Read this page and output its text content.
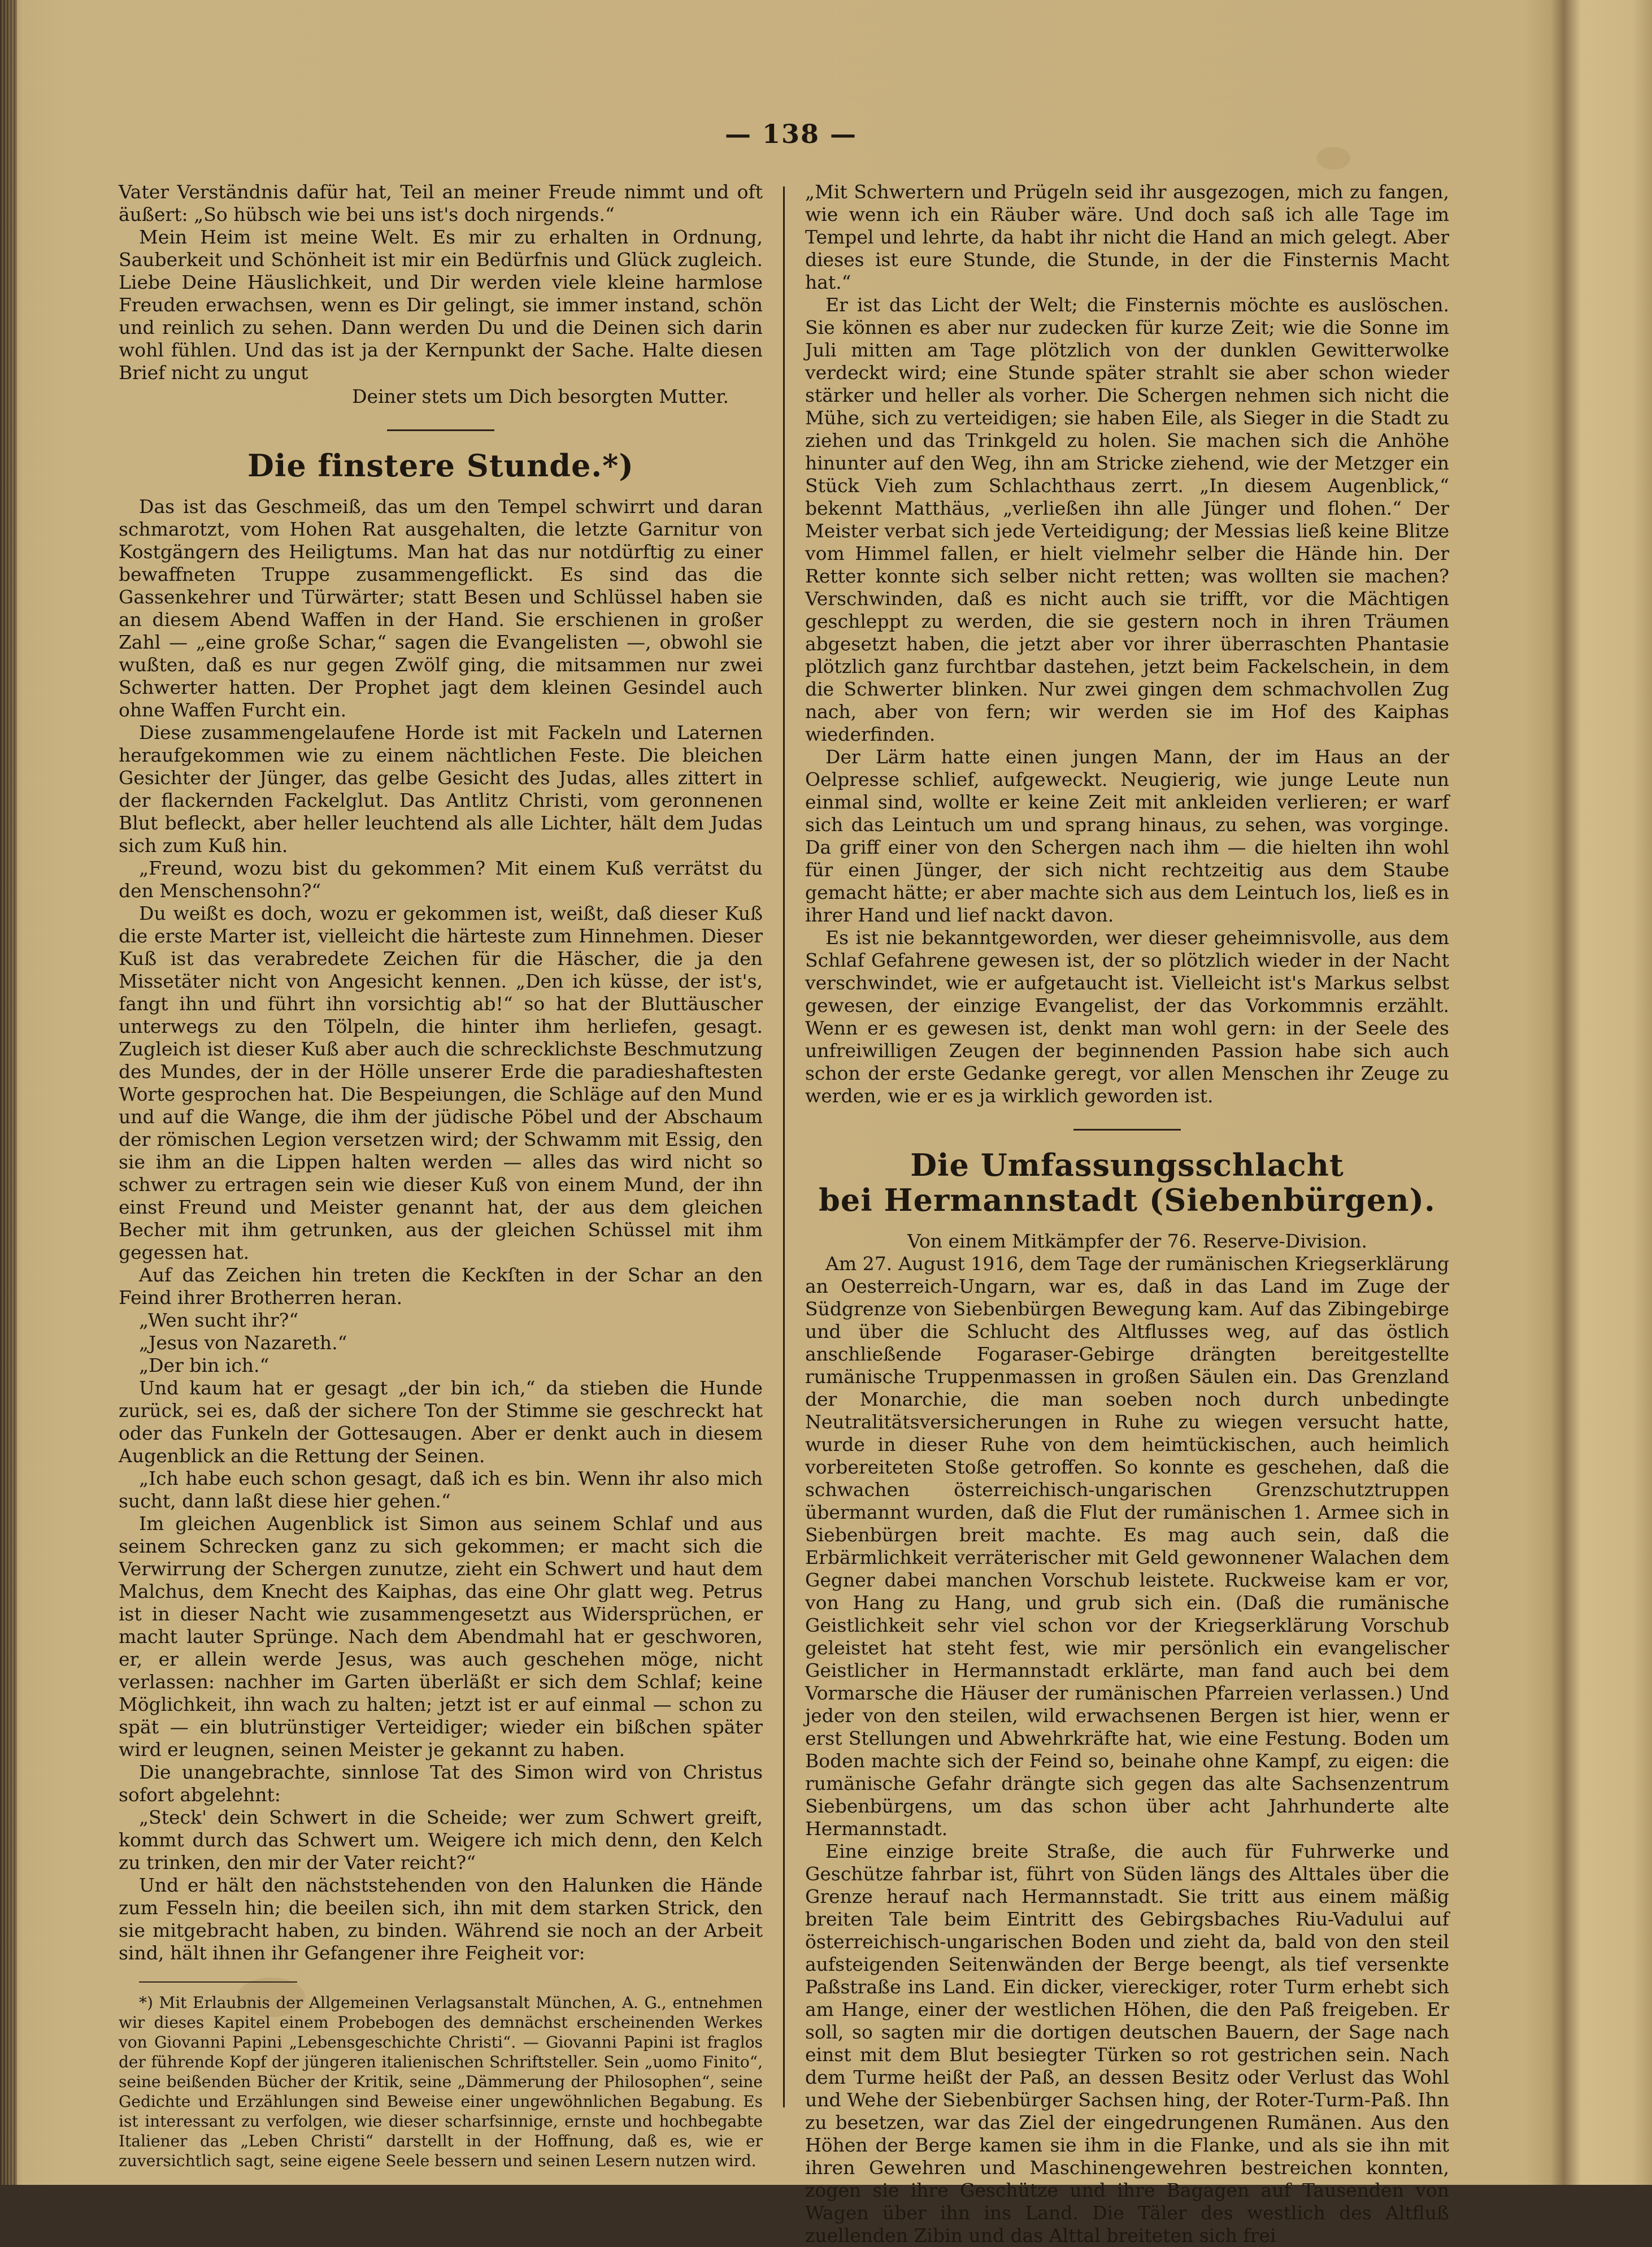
— 138 —

Vater Verständnis dafür hat, Teil an meiner Freude nimmt und oft äußert: „So hübsch wie bei uns ist's doch nirgends.“

Mein Heim ist meine Welt. Es mir zu erhalten in Ordnung, Sauberkeit und Schönheit ist mir ein Bedürfnis und Glück zugleich. Liebe Deine Häuslichkeit, und Dir werden viele kleine harmlose Freuden erwachsen, wenn es Dir gelingt, sie immer instand, schön und reinlich zu sehen. Dann werden Du und die Deinen sich darin wohl fühlen. Und das ist ja der Kernpunkt der Sache. Halte diesen Brief nicht zu ungut

Deiner stets um Dich besorgten Mutter.

Die finstere Stunde.*)

Das ist das Geschmeiß, das um den Tempel schwirrt und daran schmarotzt, vom Hohen Rat ausgehalten, die letzte Garnitur von Kostgängern des Heiligtums. Man hat das nur notdürftig zu einer bewaffneten Truppe zusammengeflickt. Es sind das die Gassenkehrer und Türwärter; statt Besen und Schlüssel haben sie an diesem Abend Waffen in der Hand. Sie erschienen in großer Zahl — „eine große Schar,“ sagen die Evangelisten —, obwohl sie wußten, daß es nur gegen Zwölf ging, die mitsammen nur zwei Schwerter hatten. Der Prophet jagt dem kleinen Gesindel auch ohne Waffen Furcht ein.

Diese zusammengelaufene Horde ist mit Fackeln und Laternen heraufgekommen wie zu einem nächtlichen Feste. Die bleichen Gesichter der Jünger, das gelbe Gesicht des Judas, alles zittert in der flackernden Fackelglut. Das Antlitz Christi, vom geronnenen Blut befleckt, aber heller leuchtend als alle Lichter, hält dem Judas sich zum Kuß hin.

„Freund, wozu bist du gekommen? Mit einem Kuß verrätst du den Menschensohn?“

Du weißt es doch, wozu er gekommen ist, weißt, daß dieser Kuß die erste Marter ist, vielleicht die härteste zum Hinnehmen. Dieser Kuß ist das verabredete Zeichen für die Häscher, die ja den Missetäter nicht von Angesicht kennen. „Den ich küsse, der ist's, fangt ihn und führt ihn vorsichtig ab!“ so hat der Bluttäuscher unterwegs zu den Tölpeln, die hinter ihm herliefen, gesagt. Zugleich ist dieser Kuß aber auch die schrecklichste Beschmutzung des Mundes, der in der Hölle unserer Erde die paradieshaftesten Worte gesprochen hat. Die Bespeiungen, die Schläge auf den Mund und auf die Wange, die ihm der jüdische Pöbel und der Abschaum der römischen Legion versetzen wird; der Schwamm mit Essig, den sie ihm an die Lippen halten werden — alles das wird nicht so schwer zu ertragen sein wie dieser Kuß von einem Mund, der ihn einst Freund und Meister genannt hat, der aus dem gleichen Becher mit ihm getrunken, aus der gleichen Schüssel mit ihm gegessen hat.

Auf das Zeichen hin treten die Keckſten in der Schar an den Feind ihrer Brotherren heran.

„Wen sucht ihr?“

„Jesus von Nazareth.“

„Der bin ich.“

Und kaum hat er gesagt „der bin ich,“ da stieben die Hunde zurück, sei es, daß der sichere Ton der Stimme sie geschreckt hat oder das Funkeln der Gottesaugen. Aber er denkt auch in diesem Augenblick an die Rettung der Seinen.

„Ich habe euch schon gesagt, daß ich es bin. Wenn ihr also mich sucht, dann laßt diese hier gehen.“

Im gleichen Augenblick ist Simon aus seinem Schlaf und aus seinem Schrecken ganz zu sich gekommen; er macht sich die Verwirrung der Schergen zunutze, zieht ein Schwert und haut dem Malchus, dem Knecht des Kaiphas, das eine Ohr glatt weg. Petrus ist in dieser Nacht wie zusammengesetzt aus Widersprüchen, er macht lauter Sprünge. Nach dem Abendmahl hat er geschworen, er, er allein werde Jesus, was auch geschehen möge, nicht verlassen: nachher im Garten überläßt er sich dem Schlaf; keine Möglichkeit, ihn wach zu halten; jetzt ist er auf einmal — schon zu spät — ein blutrünstiger Verteidiger; wieder ein bißchen später wird er leugnen, seinen Meister je gekannt zu haben.

Die unangebrachte, sinnlose Tat des Simon wird von Christus sofort abgelehnt:

„Steck' dein Schwert in die Scheide; wer zum Schwert greift, kommt durch das Schwert um. Weigere ich mich denn, den Kelch zu trinken, den mir der Vater reicht?“

Und er hält den nächststehenden von den Halunken die Hände zum Fesseln hin; die beeilen sich, ihn mit dem starken Strick, den sie mitgebracht haben, zu binden. Während sie noch an der Arbeit sind, hält ihnen ihr Gefangener ihre Feigheit vor:

*) Mit Erlaubnis der Allgemeinen Verlagsanstalt München, A. G., entnehmen wir dieses Kapitel einem Probebogen des demnächst erscheinenden Werkes von Giovanni Papini „Lebensgeschichte Christi“. — Giovanni Papini ist fraglos der führende Kopf der jüngeren italienischen Schriftsteller. Sein „uomo Finito“, seine beißenden Bücher der Kritik, seine „Dämmerung der Philosophen“, seine Gedichte und Erzählungen sind Beweise einer ungewöhnlichen Begabung. Es ist interessant zu verfolgen, wie dieser scharfsinnige, ernste und hochbegabte Italiener das „Leben Christi“ darstellt in der Hoffnung, daß es, wie er zuversichtlich sagt, seine eigene Seele bessern und seinen Lesern nutzen wird.

„Mit Schwertern und Prügeln seid ihr ausgezogen, mich zu fangen, wie wenn ich ein Räuber wäre. Und doch saß ich alle Tage im Tempel und lehrte, da habt ihr nicht die Hand an mich gelegt. Aber dieses ist eure Stunde, die Stunde, in der die Finsternis Macht hat.“

Er ist das Licht der Welt; die Finsternis möchte es auslöschen. Sie können es aber nur zudecken für kurze Zeit; wie die Sonne im Juli mitten am Tage plötzlich von der dunklen Gewitterwolke verdeckt wird; eine Stunde später strahlt sie aber schon wieder stärker und heller als vorher. Die Schergen nehmen sich nicht die Mühe, sich zu verteidigen; sie haben Eile, als Sieger in die Stadt zu ziehen und das Trinkgeld zu holen. Sie machen sich die Anhöhe hinunter auf den Weg, ihn am Stricke ziehend, wie der Metzger ein Stück Vieh zum Schlachthaus zerrt. „In diesem Augenblick,“ bekennt Matthäus, „verließen ihn alle Jünger und flohen.“ Der Meister verbat sich jede Verteidigung; der Messias ließ keine Blitze vom Himmel fallen, er hielt vielmehr selber die Hände hin. Der Retter konnte sich selber nicht retten; was wollten sie machen? Verschwinden, daß es nicht auch sie trifft, vor die Mächtigen geschleppt zu werden, die sie gestern noch in ihren Träumen abgesetzt haben, die jetzt aber vor ihrer überraschten Phantasie plötzlich ganz furchtbar dastehen, jetzt beim Fackelschein, in dem die Schwerter blinken. Nur zwei gingen dem schmachvollen Zug nach, aber von fern; wir werden sie im Hof des Kaiphas wiederfinden.

Der Lärm hatte einen jungen Mann, der im Haus an der Oelpresse schlief, aufgeweckt. Neugierig, wie junge Leute nun einmal sind, wollte er keine Zeit mit ankleiden verlieren; er warf sich das Leintuch um und sprang hinaus, zu sehen, was vorginge. Da griff einer von den Schergen nach ihm — die hielten ihn wohl für einen Jünger, der sich nicht rechtzeitig aus dem Staube gemacht hätte; er aber machte sich aus dem Leintuch los, ließ es in ihrer Hand und lief nackt davon.

Es ist nie bekanntgeworden, wer dieser geheimnisvolle, aus dem Schlaf Gefahrene gewesen ist, der so plötzlich wieder in der Nacht verschwindet, wie er aufgetaucht ist. Vielleicht ist's Markus selbst gewesen, der einzige Evangelist, der das Vorkommnis erzählt. Wenn er es gewesen ist, denkt man wohl gern: in der Seele des unfreiwilligen Zeugen der beginnenden Passion habe sich auch schon der erste Gedanke geregt, vor allen Menschen ihr Zeuge zu werden, wie er es ja wirklich geworden ist.

Die Umfassungsschlacht
bei Hermannstadt (Siebenbürgen).

Von einem Mitkämpfer der 76. Reserve-Division.

Am 27. August 1916, dem Tage der rumänischen Kriegserklärung an Oesterreich-Ungarn, war es, daß in das Land im Zuge der Südgrenze von Siebenbürgen Bewegung kam. Auf das Zibingebirge und über die Schlucht des Altflusses weg, auf das östlich anschließende Fogaraser-Gebirge drängten bereitgestellte rumänische Truppenmassen in großen Säulen ein. Das Grenzland der Monarchie, die man soeben noch durch unbedingte Neutralitätsversicherungen in Ruhe zu wiegen versucht hatte, wurde in dieser Ruhe von dem heimtückischen, auch heimlich vorbereiteten Stoße getroffen. So konnte es geschehen, daß die schwachen österreichisch-ungarischen Grenzschutztruppen übermannt wurden, daß die Flut der rumänischen 1. Armee sich in Siebenbürgen breit machte. Es mag auch sein, daß die Erbärmlichkeit verräterischer mit Geld gewonnener Walachen dem Gegner dabei manchen Vorschub leistete. Ruckweise kam er vor, von Hang zu Hang, und grub sich ein. (Daß die rumänische Geistlichkeit sehr viel schon vor der Kriegserklärung Vorschub geleistet hat steht fest, wie mir persönlich ein evangelischer Geistlicher in Hermannstadt erklärte, man fand auch bei dem Vormarsche die Häuser der rumänischen Pfarreien verlassen.) Und jeder von den steilen, wild erwachsenen Bergen ist hier, wenn er erst Stellungen und Abwehrkräfte hat, wie eine Festung. Boden um Boden machte sich der Feind so, beinahe ohne Kampf, zu eigen: die rumänische Gefahr drängte sich gegen das alte Sachsenzentrum Siebenbürgens, um das schon über acht Jahrhunderte alte Hermannstadt.

Eine einzige breite Straße, die auch für Fuhrwerke und Geschütze fahrbar ist, führt von Süden längs des Alttales über die Grenze herauf nach Hermannstadt. Sie tritt aus einem mäßig breiten Tale beim Eintritt des Gebirgsbaches Riu-Vadului auf österreichisch-ungarischen Boden und zieht da, bald von den steil aufsteigenden Seitenwänden der Berge beengt, als tief versenkte Paßstraße ins Land. Ein dicker, viereckiger, roter Turm erhebt sich am Hange, einer der westlichen Höhen, die den Paß freigeben. Er soll, so sagten mir die dortigen deutschen Bauern, der Sage nach einst mit dem Blut besiegter Türken so rot gestrichen sein. Nach dem Turme heißt der Paß, an dessen Besitz oder Verlust das Wohl und Wehe der Siebenbürger Sachsen hing, der Roter-Turm-Paß. Ihn zu besetzen, war das Ziel der eingedrungenen Rumänen. Aus den Höhen der Berge kamen sie ihm in die Flanke, und als sie ihn mit ihren Gewehren und Maschinengewehren bestreichen konnten, zogen sie ihre Geschütze und ihre Bagagen auf Tausenden von Wagen über ihn ins Land. Die Täler des westlich des Altfluß zuellenden Zibin und das Alttal breiteten sich frei
